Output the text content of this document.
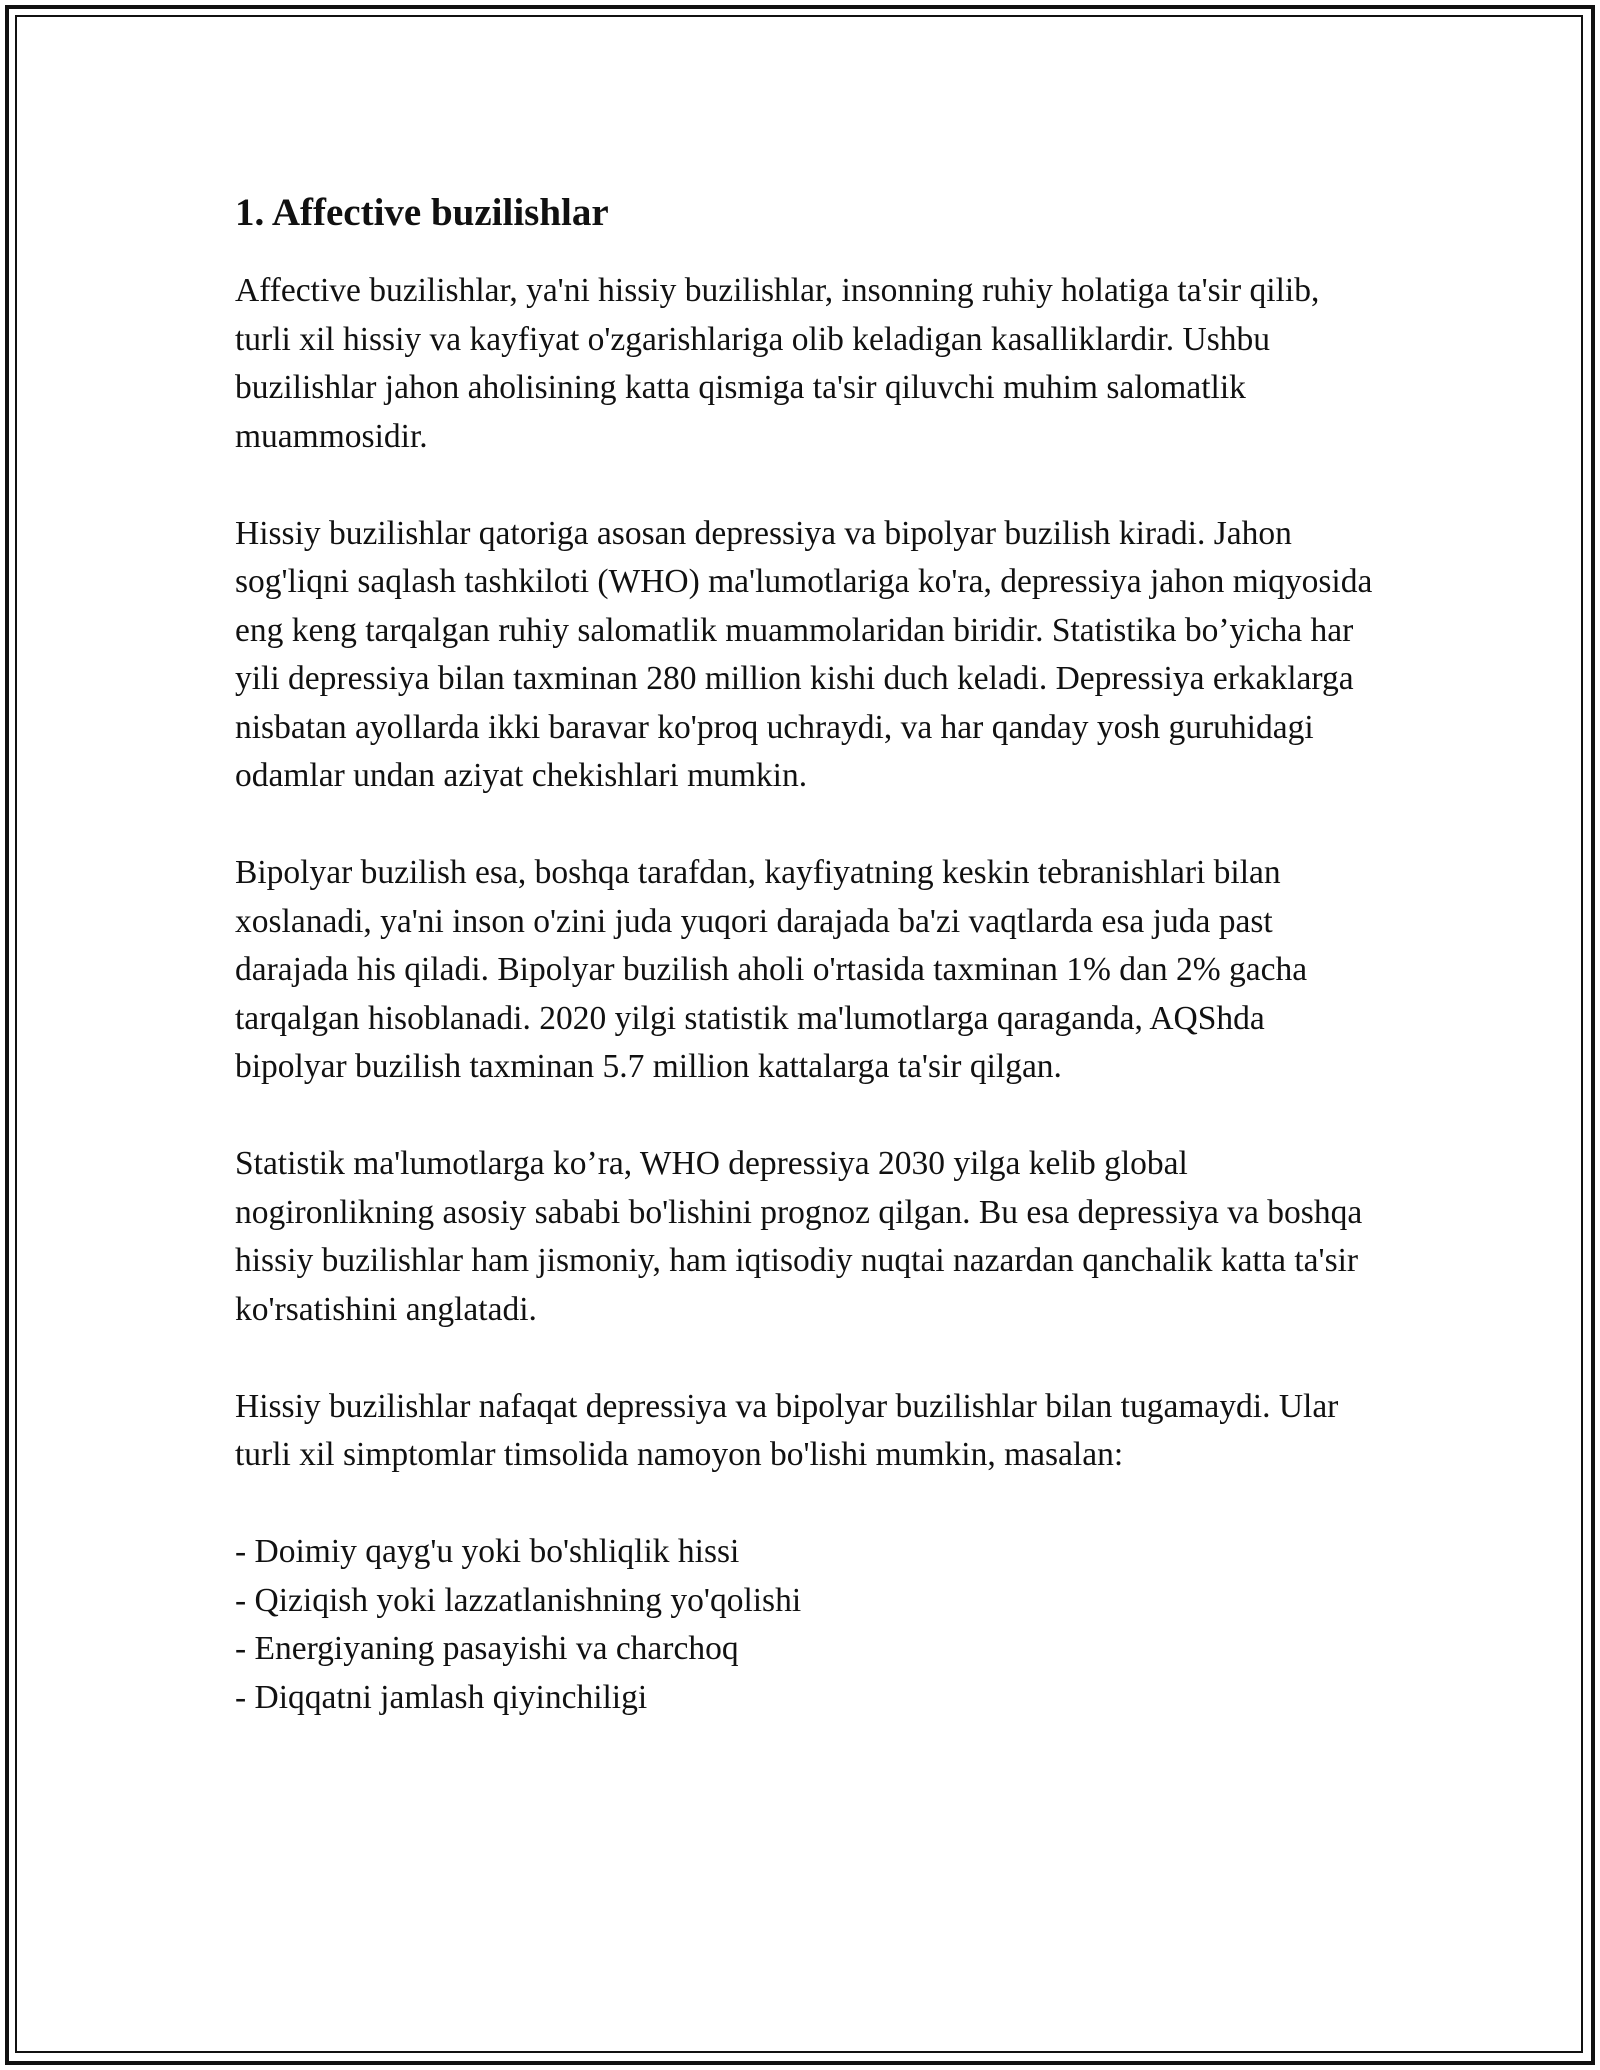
1. Affective buzilishlar

Affective buzilishlar, ya'ni hissiy buzilishlar, insonning ruhiy holatiga ta'sir qilib, turli xil hissiy va kayfiyat o'zgarishlariga olib keladigan kasalliklardir. Ushbu buzilishlar jahon aholisining katta qismiga ta'sir qiluvchi muhim salomatlik muammosidir.

Hissiy buzilishlar qatoriga asosan depressiya va bipolyar buzilish kiradi. Jahon sog'liqni saqlash tashkiloti (WHO) ma'lumotlariga ko'ra, depressiya jahon miqyosida eng keng tarqalgan ruhiy salomatlik muammolaridan biridir. Statistika bo’yicha har yili depressiya bilan taxminan 280 million kishi duch keladi. Depressiya erkaklarga nisbatan ayollarda ikki baravar ko'proq uchraydi, va har qanday yosh guruhidagi odamlar undan aziyat chekishlari mumkin.

Bipolyar buzilish esa, boshqa tarafdan, kayfiyatning keskin tebranishlari bilan xoslanadi, ya'ni inson o'zini juda yuqori darajada ba'zi vaqtlarda esa juda past darajada his qiladi. Bipolyar buzilish aholi o'rtasida taxminan 1% dan 2% gacha tarqalgan hisoblanadi. 2020 yilgi statistik ma'lumotlarga qaraganda, AQShda bipolyar buzilish taxminan 5.7 million kattalarga ta'sir qilgan.

Statistik ma'lumotlarga ko’ra, WHO depressiya 2030 yilga kelib global nogironlikning asosiy sababi bo'lishini prognoz qilgan. Bu esa depressiya va boshqa hissiy buzilishlar ham jismoniy, ham iqtisodiy nuqtai nazardan qanchalik katta ta'sir ko'rsatishini anglatadi.

Hissiy buzilishlar nafaqat depressiya va bipolyar buzilishlar bilan tugamaydi. Ular turli xil simptomlar timsolida namoyon bo'lishi mumkin, masalan:

- Doimiy qayg'u yoki bo'shliqlik hissi
- Qiziqish yoki lazzatlanishning yo'qolishi
- Energiyaning pasayishi va charchoq
- Diqqatni jamlash qiyinchiligi
